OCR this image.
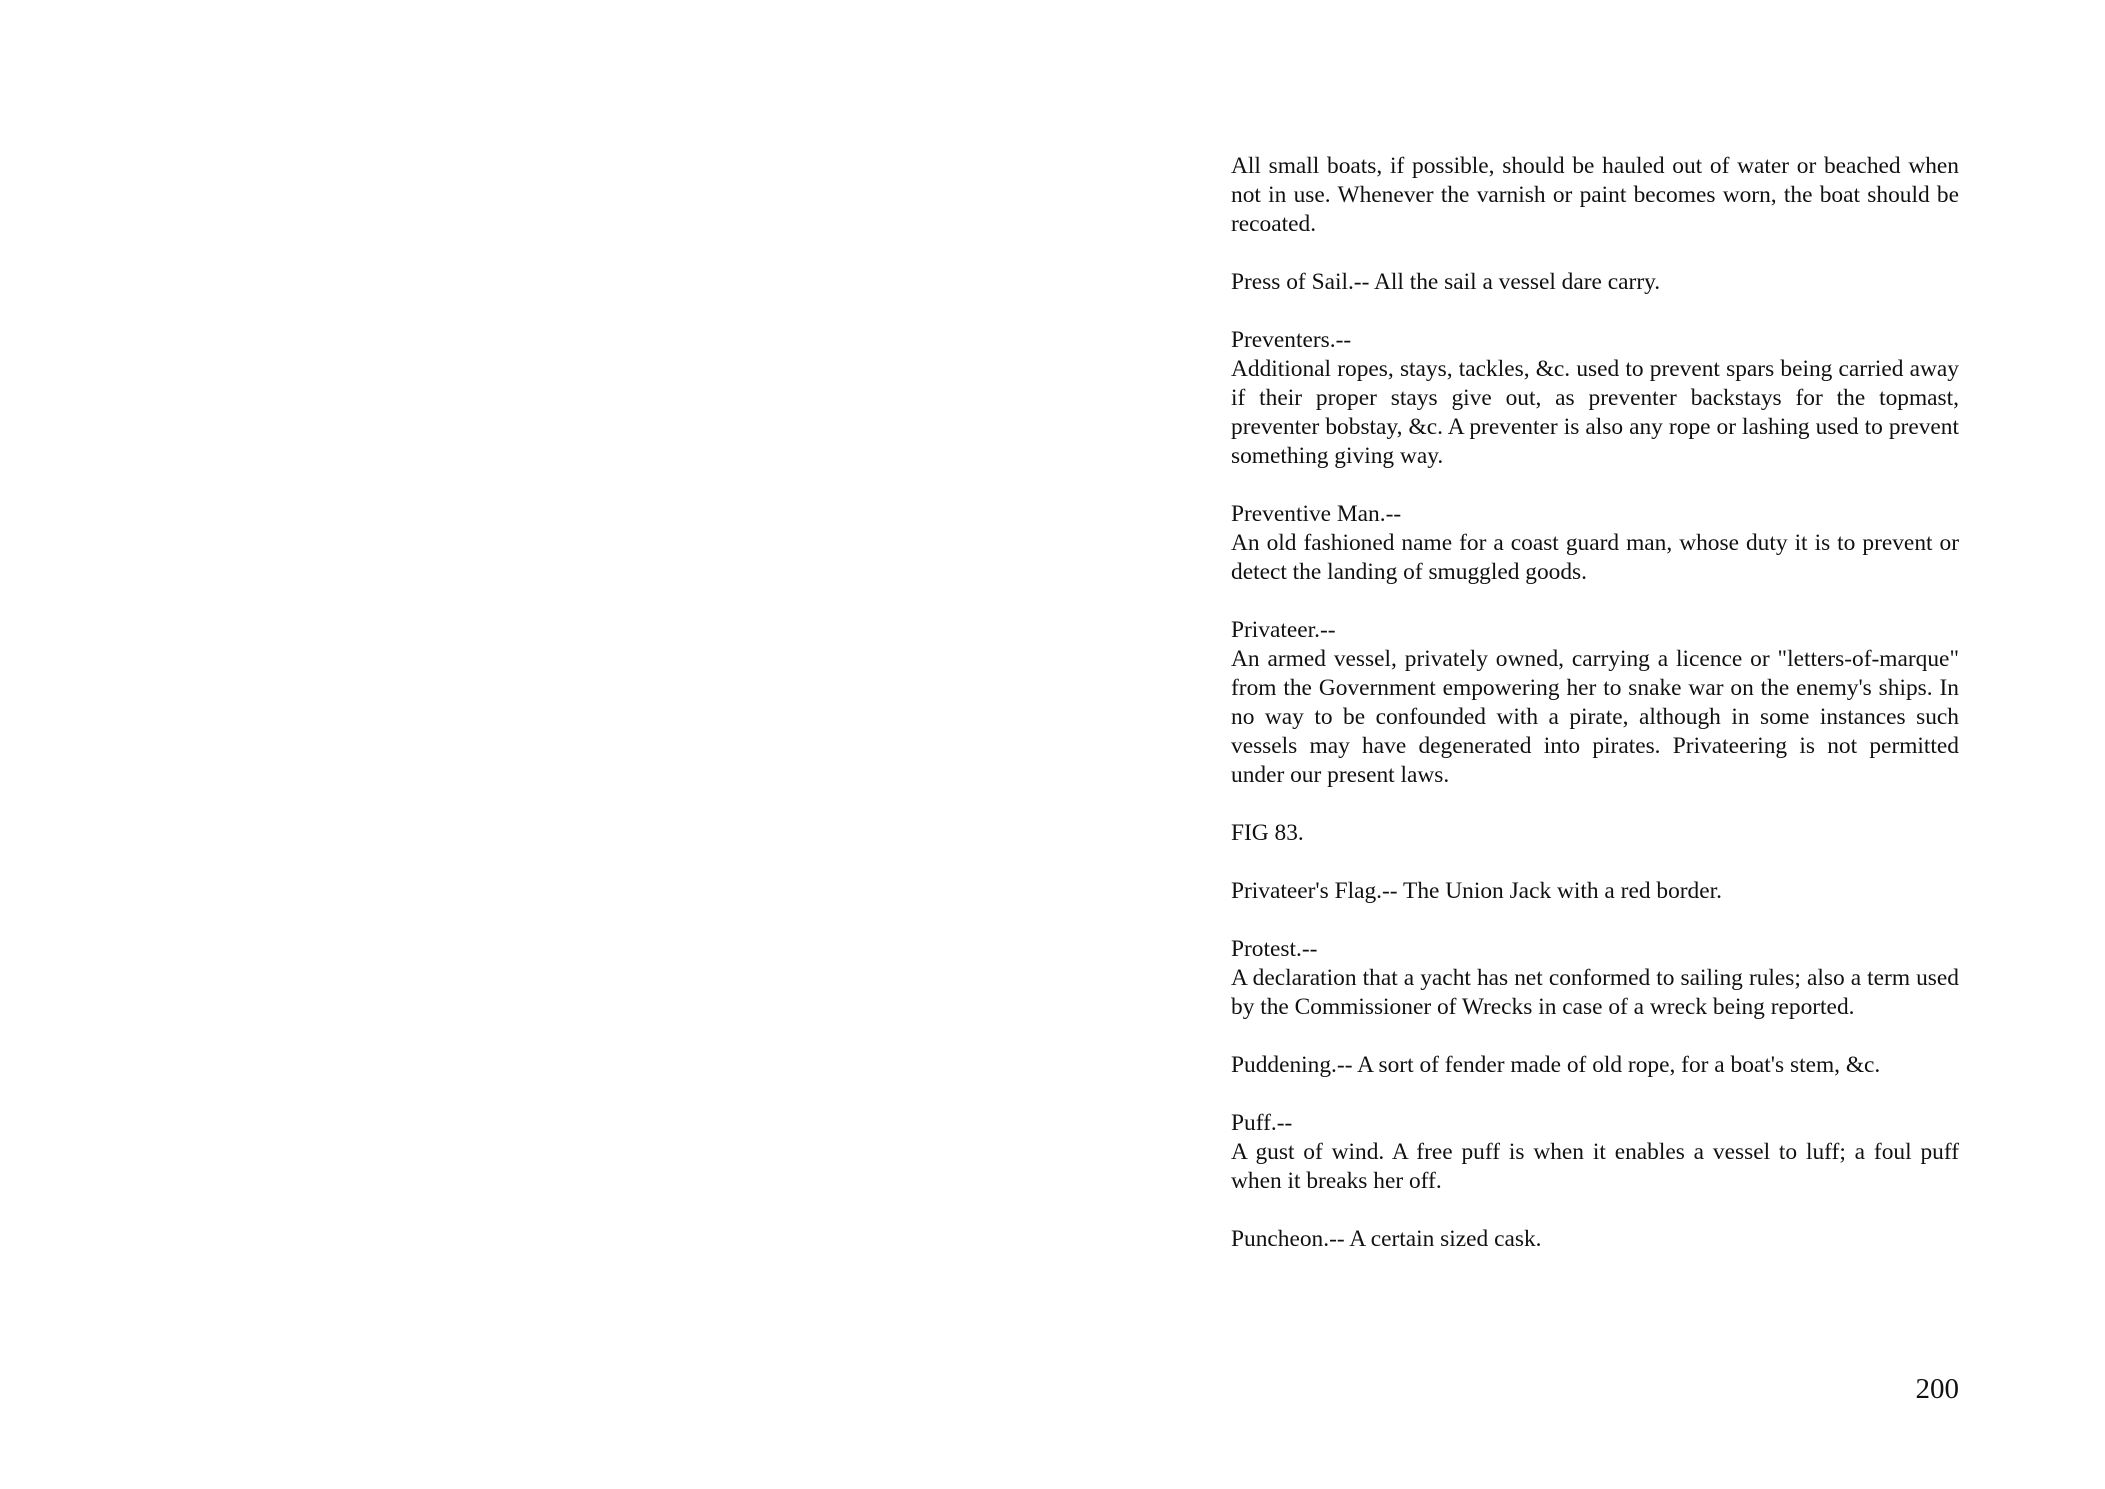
All small boats, if possible, should be hauled out of water or beached when not in use. Whenever the varnish or paint becomes worn, the boat should be recoated.

Press of Sail.-- All the sail a vessel dare carry.

Preventers.--
Additional ropes, stays, tackles, &c. used to prevent spars being carried away if their proper stays give out, as preventer backstays for the topmast, preventer bobstay, &c. A preventer is also any rope or lashing used to prevent something giving way.
Preventive Man.--
An old fashioned name for a coast guard man, whose duty it is to prevent or detect the landing of smuggled goods.
Privateer.--
An armed vessel, privately owned, carrying a licence or "letters-of-marque" from the Government empowering her to snake war on the enemy's ships. In no way to be confounded with a pirate, although in some instances such vessels may have degenerated into pirates. Privateering is not permitted under our present laws.

FIG 83.

Privateer's Flag.-- The Union Jack with a red border.

Protest.--
A declaration that a yacht has net conformed to sailing rules; also a term used by the Commissioner of Wrecks in case of a wreck being reported.

Puddening.-- A sort of fender made of old rope, for a boat's stem, &c.

Puff.--
A gust of wind. A free puff is when it enables a vessel to luff; a foul puff when it breaks her off.

Puncheon.-- A certain sized cask.

200
